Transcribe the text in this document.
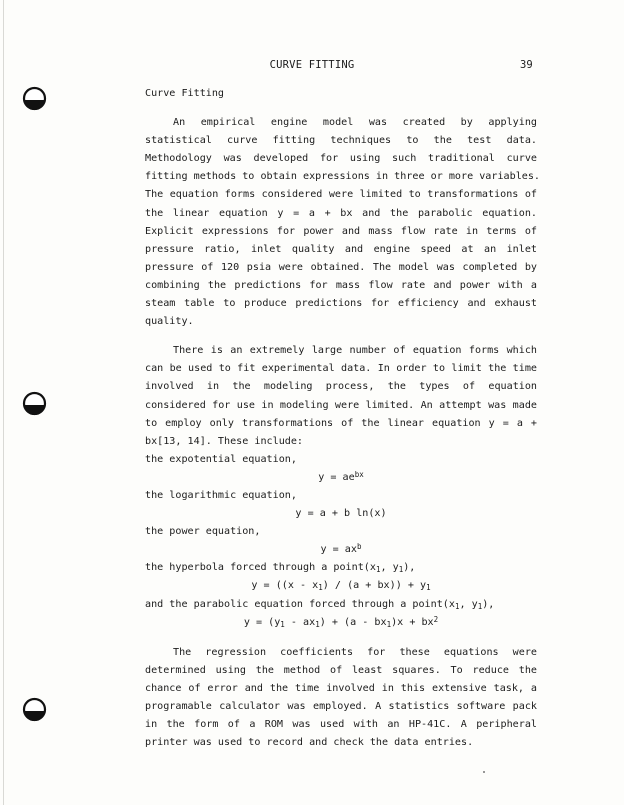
CURVE FITTING	39

Curve Fitting

An empirical engine model was created by applying
statistical curve fitting techniques to the test data.
Methodology was developed for using such traditional curve
fitting methods to obtain expressions in three or more variables.
The equation forms considered were limited to transformations of
the linear equation y = a + bx and the parabolic equation.
Explicit expressions for power and mass flow rate in terms of
pressure ratio, inlet quality and engine speed at an inlet
pressure of 120 psia were obtained. The model was completed by
combining the predictions for mass flow rate and power with a
steam table to produce predictions for efficiency and exhaust
quality.
There is an extremely large number of equation forms which
can be used to fit experimental data. In order to limit the time
involved in the modeling process, the types of equation
considered for use in modeling were limited. An attempt was made
to employ only transformations of the linear equation y = a +
bx[13, 14]. These include:
the expotential equation,
$y = ae^{bx}$
the logarithmic equation,
y = a + b ln(x)
the power equation,
$y = ax^b$
the hyperbola forced through a $point(x_1$, $y_1$),
$y = ((x - x_1) / (a + bx)) + y_1$
and the parabolic equation forced through a $point(x_1$, $y_1$),
$y = (y_1 - ax_1) + (a - bx_1)x + bx^2$
The regression coefficients for these equations were
determined using the method of least squares. To reduce the
chance of error and the time involved in this extensive task, a
programable calculator was employed. A statistics software pack
in the form of a ROM was used with an HP-41C. A peripheral
printer was used to record and check the data entries.
